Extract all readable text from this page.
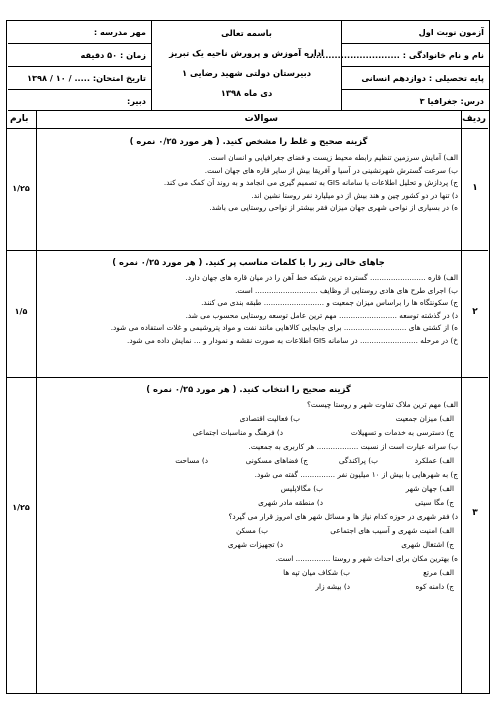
آزمون نوبت اول
نام و نام خانوادگی : ..............................
پایه تحصیلی : دوازدهم انسانی
درس: جغرافیا ۳
باسمه تعالی
اداره آموزش و پرورش ناحیه یک تبریز
دبیرستان دولتی شهید رضایی ۱
دی ماه ۱۳۹۸
مهر مدرسه :
زمان : ۵۰ دقیقه
تاریخ امتحان: ..... / ۱۰ / ۱۳۹۸
دبیر:
ردیف
سوالات
بارم
۱
۱/۲۵
گزینه صحیح و غلط را مشخص کنید. ( هر مورد ۰/۲۵ نمره )
الف) آمایش سرزمین تنظیم رابطه محیط زیست و فضای جغرافیایی و انسان است.
ب) سرعت گسترش شهرنشینی در آسیا و آفریقا بیش از سایر قاره های جهان است.
ج) پردازش و تحلیل اطلاعات با سامانه GIS به تصمیم گیری می انجامد و به روند آن کمک می کند.
د) تنها در دو کشور چین و هند بیش از دو میلیارد نفر روستا نشین اند.
ه) در بسیاری از نواحی شهری جهان میزان فقر بیشتر از نواحی روستایی می باشد.
۲
۱/۵
جاهای خالی زیر را با کلمات مناسب پر کنید. ( هر مورد ۰/۲۵ نمره )
الف) قاره ........................ گسترده ترین شبکه خط آهن را در میان قاره های جهان دارد.
ب) اجرای طرح های هادی روستایی از وظایف ........................... است.
ج) سکونتگاه ها را براساس میزان جمعیت و .......................... طبقه بندی می کنند.
د) در گذشته توسعه ......................... مهم ترین عامل توسعه روستایی محسوب می شد.
ه) از کشتی های ........................... برای جابجایی کالاهایی مانند نفت و مواد پتروشیمی و غلات استفاده می شود.
خ) در مرحله ......................... در سامانه GIS اطلاعات به صورت نقشه و نمودار و ... نمایش داده می شود.
۳
۱/۲۵
گزینه صحیح را انتخاب کنید. ( هر مورد ۰/۲۵ نمره )
الف) مهم ترین ملاک تفاوت شهر و روستا چیست؟
الف) میزان جمعیت
ب) فعالیت اقتصادی
ج) دسترسی به خدمات و تسهیلات
د) فرهنگ و مناسبات اجتماعی
ب) سرانه عبارت است از نسبت .................. هر کاربری به جمعیت.
الف) عملکرد
ب) پراکندگی
ج) فضاهای مسکونی
د) مساحت
ج) به شهرهایی با بیش از ۱۰ میلیون نفر ............... گفته می شود.
الف) جهان شهر
ب) مگالاپلیس
ج) مگا سیتی
د) منطقه مادر شهری
د) فقر شهری در حوزه کدام نیاز ها و مسائل شهر های امروز قرار می گیرد؟
الف) امنیت شهری و آسیب های اجتماعی
ب) مسکن
ج) اشتغال شهری
د) تجهیزات شهری
ه) بهترین مکان برای احداث شهر و روستا ............... است.
الف) مرتع
ب) شکاف میان تپه ها
ج) دامنه کوه
د) بیشه زار
